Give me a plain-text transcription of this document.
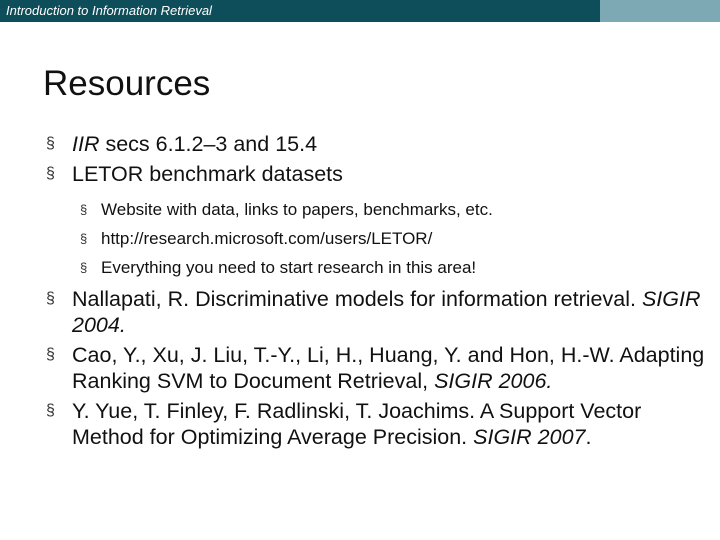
Introduction to Information Retrieval
Resources

§ IIR secs 6.1.2–3 and 15.4

§ LETOR benchmark datasets

§ Website with data, links to papers, benchmarks, etc.

§ http://research.microsoft.com/users/LETOR/

§ Everything you need to start research in this area!

§ Nallapati, R. Discriminative models for information retrieval. SIGIR 2004.

§ Cao, Y., Xu, J. Liu, T.-Y., Li, H., Huang, Y. and Hon, H.-W. Adapting Ranking SVM to Document Retrieval, SIGIR 2006.

§ Y. Yue, T. Finley, F. Radlinski, T. Joachims. A Support Vector Method for Optimizing Average Precision. SIGIR 2007.
